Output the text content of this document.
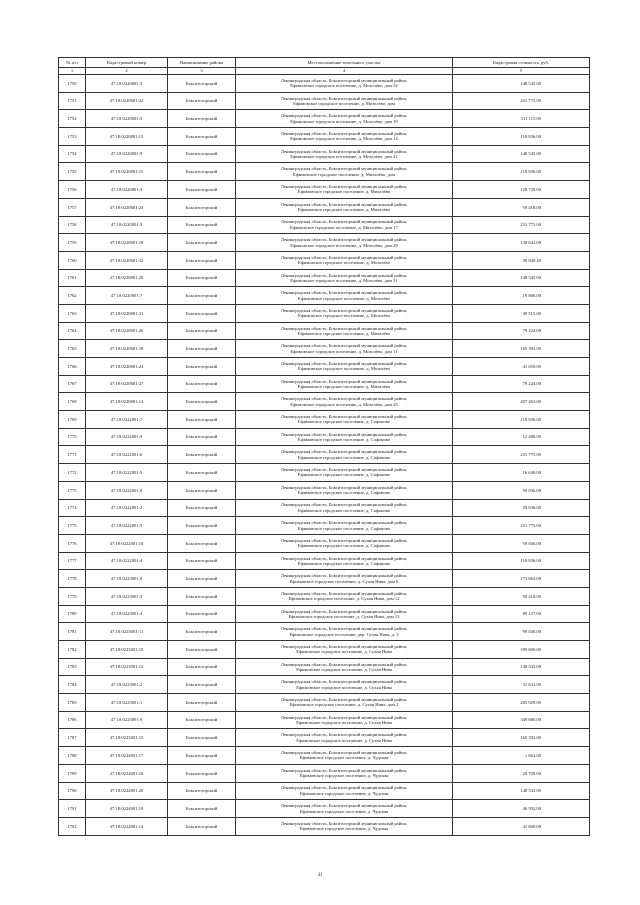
№ п/п	Кадастровый номер	Наименование района	Местоположение земельного участка	Кадастровая стоимость, руб.
1	2	3	4	5
1750	47:18:0220001:3	Бокситогорский	Ленинградская область, Бокситогорский муниципальный район,
Ефимовское городское поселение, д. Мозолёво, дом 32	148 545.00
1751	47:18:0220001:22	Бокситогорский	Ленинградская область, Бокситогорский муниципальный район,
Ефимовское городское поселение, д. Мозолёво, дом	231 775.00
1752	47:18:0220001:5	Бокситогорский	Ленинградская область, Бокситогорский муниципальный район,
Ефимовское городское поселение, д. Мозолёво, дом 19	311 115.00
1753	47:18:0220001:13	Бокситогорский	Ленинградская область, Бокситогорский муниципальный район,
Ефимовское городское поселение, д. Мозолёво, дом 14	118 836.00
1754	47:18:0220001:9	Бокситогорский	Ленинградская область, Бокситогорский муниципальный район,
Ефимовское городское поселение, д. Мозолёво, дом 21	148 545.00
1755	47:18:0220001:15	Бокситогорский	Ленинградская область, Бокситогорский муниципальный район,
Ефимовское городское поселение, д. Михалёво, дом	118 836.00
1756	47:18:0220001:3	Бокситогорский	Ленинградская область, Бокситогорский муниципальный район,
Ефимовское городское поселение, д. Михалёво	128 739.00
1757	47:18:0220001:23	Бокситогорский	Ленинградская область, Бокситогорский муниципальный район,
Ефимовское городское поселение, д. Михалёво	59 418.00
1758	47:18:0220001:3	Бокситогорский	Ленинградская область, Бокситогорский муниципальный район,
Ефимовское городское поселение, д. Михалёво, дом 17	231 775.00
1759	47:18:0220001:19	Бокситогорский	Ленинградская область, Бокситогорский муниципальный район,
Ефимовское городское поселение, д. Мозолёво, дом 29	138 642.00
1760	47:18:0220001:32	Бокситогорский	Ленинградская область, Бокситогорский муниципальный район,
Ефимовское городское поселение, д. Мозолёво	39 848.40
1761	47:18:0220001:28	Бокситогорский	Ленинградская область, Бокситогорский муниципальный район,
Ефимовское городское поселение, д. Мозолёво, дом 31	148 545.00
1762	47:18:0220001:7	Бокситогорский	Ленинградская область, Бокситогорский муниципальный район,
Ефимовское городское поселение, д. Мозолёво	19 806.00
1763	47:18:0220001:31	Бокситогорский	Ленинградская область, Бокситогорский муниципальный район,
Ефимовское городское поселение, д. Мозолёво	49 515.00
1764	47:18:0220001:26	Бокситогорский	Ленинградская область, Бокситогорский муниципальный район,
Ефимовское городское поселение, д. Михалёво	79 224.00
1765	47:18:0220001:18	Бокситогорский	Ленинградская область, Бокситогорский муниципальный район,
Ефимовское городское поселение, д. Мозолёво, дом 11	165 393.00
1766	47:18:0220001:24	Бокситогорский	Ленинградская область, Бокситогорский муниципальный район,
Ефимовское городское поселение, д. Мозолёво	41 650.00
1767	47:18:0220001:27	Бокситогорский	Ленинградская область, Бокситогорский муниципальный район,
Ефимовское городское поселение, д. Михалёво	79 224.00
1768	47:18:0220001:14	Бокситогорский	Ленинградская область, Бокситогорский муниципальный район,
Ефимовское городское поселение, д. Мозолёво, дом 25	207 263.00
1769	47:18:0222001:7	Бокситогорский	Ленинградская область, Бокситогорский муниципальный район,
Ефимовское городское поселение, д. Сафоново	118 836.00
1770	47:18:0222001:9	Бокситогорский	Ленинградская область, Бокситогорский муниципальный район,
Ефимовское городское поселение, д. Сафоново	12 486.00
1771	47:18:0222001:6	Бокситогорский	Ленинградская область, Бокситогорский муниципальный район,
Ефимовское городское поселение, д. Сафоново	231 775.00
1772	47:18:0222001:5	Бокситогорский	Ленинградская область, Бокситогорский муниципальный район,
Ефимовское городское поселение, д. Сафоново	16 640.00
1773	47:18:0222001:8	Бокситогорский	Ленинградская область, Бокситогорский муниципальный район,
Ефимовское городское поселение, д. Сафоново	59 036.00
1774	47:18:0222001:2	Бокситогорский	Ленинградская область, Бокситогорский муниципальный район,
Ефимовское городское поселение, д. Сафоново	59 036.00
1775	47:18:0222001:5	Бокситогорский	Ленинградская область, Бокситогорский муниципальный район,
Ефимовское городское поселение, д. Сафоново	231 775.00
1776	47:18:0222001:10	Бокситогорский	Ленинградская область, Бокситогорский муниципальный район,
Ефимовское городское поселение, д. Сафоново	59 036.00
1777	47:18:0222001:4	Бокситогорский	Ленинградская область, Бокситогорский муниципальный район,
Ефимовское городское поселение, д. Сафоново	118 836.00
1778	47:18:0223001:8	Бокситогорский	Ленинградская область, Бокситогорский муниципальный район,
Ефимовское городское поселение, д. Сухая Нива, дом 6	173 863.00
1779	47:18:0223001:3	Бокситогорский	Ленинградская область, Бокситогорский муниципальный район,
Ефимовское городское поселение, д. Сухая Нива, дом 12	59 418.00
1780	47:18:0223001:4	Бокситогорский	Ленинградская область, Бокситогорский муниципальный район,
Ефимовское городское поселение, д. Сухая Нива, дом 13	89 127.00
1781	47:18:0223001:11	Бокситогорский	Ленинградская область, Бокситогорский муниципальный район,
Ефимовское городское поселение, дер. Сухая Нива, д. 5	99 030.00
1782	47:18:0223001:10	Бокситогорский	Ленинградская область, Бокситогорский муниципальный район,
Ефимовское городское поселение, д. Сухая Нива	190 600.00
1783	47:18:0223001:12	Бокситогорский	Ленинградская область, Бокситогорский муниципальный район,
Ефимовское городское поселение, д. Сухая Нива	148 545.00
1784	47:18:0223001:2	Бокситогорский	Ленинградская область, Бокситогорский муниципальный район,
Ефимовское городское поселение, д. Сухая Нива	31 633.00
1785	47:18:0223001:1	Бокситогорский	Ленинградская область, Бокситогорский муниципальный район,
Ефимовское городское поселение, д. Сухая Нива, дом 2	265 929.00
1786	47:18:0223001:9	Бокситогорский	Ленинградская область, Бокситогорский муниципальный район,
Ефимовское городское поселение, д. Сухая Нива	349 680.00
1787	47:18:0223001:13	Бокситогорский	Ленинградская область, Бокситогорский муниципальный район,
Ефимовское городское поселение, д. Сухая Нива	165 393.00
1788	47:18:0224001:17	Бокситогорский	Ленинградская область, Бокситогорский муниципальный район,
Ефимовское городское поселение, д. Чудская	1 664.00
1789	47:18:0224001:16	Бокситогорский	Ленинградская область, Бокситогорский муниципальный район,
Ефимовское городское поселение, д. Чудская	29 709.00
1790	47:18:0224001:20	Бокситогорский	Ленинградская область, Бокситогорский муниципальный район,
Ефимовское городское поселение, д. Чудская	148 545.00
1791	47:18:0224001:19	Бокситогорский	Ленинградская область, Бокситогорский муниципальный район,
Ефимовское городское поселение, д. Чудская	46 592.00
1792	47:18:0224001:14	Бокситогорский	Ленинградская область, Бокситогорский муниципальный район,
Ефимовское городское поселение, д. Чудская	41 600.00
41
